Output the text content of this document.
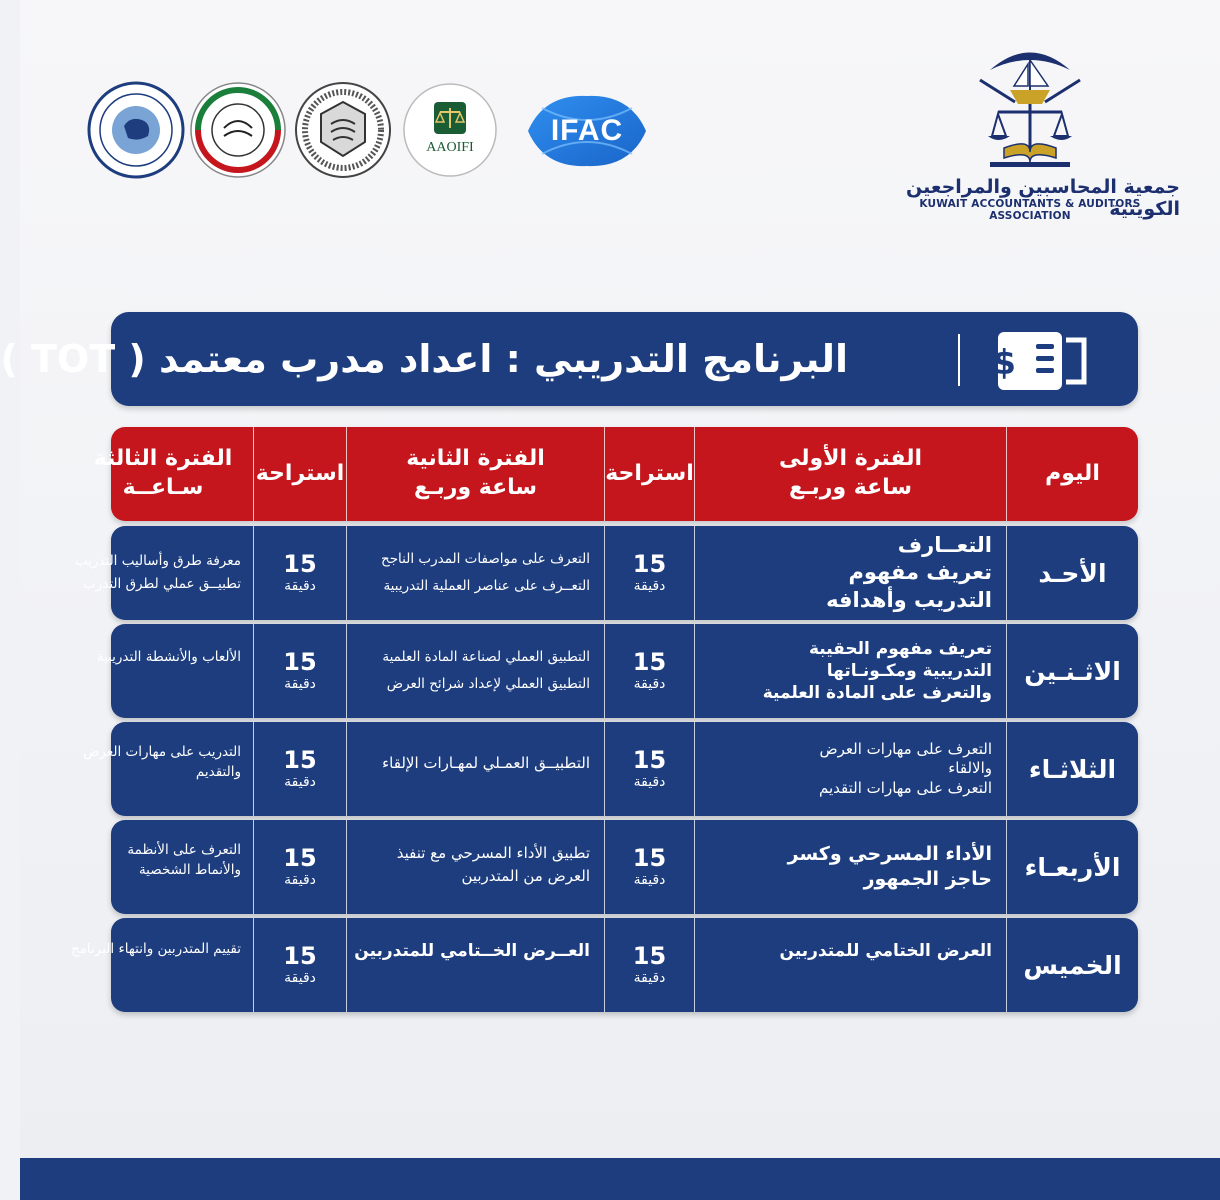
جمعية المحاسبين والمراجعين الكويتية
KUWAIT ACCOUNTANTS & AUDITORS ASSOCIATION
IFAC
AAOIFI
البرنامج التدريبي : اعداد مدرب معتمد ( TOT )	$
اليوم
الفترة الأولى
ساعة وربـع
استراحة
الفترة الثانية
ساعة وربـع
استراحة
الفترة الثالثة
سـاعــة
الأحـد
التعــارف
تعريف مفهوم
التدريب وأهدافه
15
دقيقة
التعرف على مواصفات المدرب الناجح
التعــرف على عناصر العملية التدريبية
15
دقيقة
معرفة طرق وأساليب التدريب
تطبيــق عملي لطرق التدرب
الاثـنـين
تعريف مفهوم الحقيبة
التدريبية ومكـونـاتها
والتعرف على المادة العلمية
15
دقيقة
التطبيق العملي لصناعة المادة العلمية
التطبيق العملي لإعداد شرائح العرض
15
دقيقة
الألعاب والأنشطة التدريبية
الثلاثـاء
التعرف على مهارات العرض
والالقاء
التعرف على مهارات التقديم
15
دقيقة
التطبيــق العمـلي لمهـارات الإلقاء
15
دقيقة
التدريب على مهارات العرض
والتقديم
الأربعـاء
الأداء المسرحي وكسر
حاجز الجمهور
15
دقيقة
تطبيق الأداء المسرحي مع تنفيذ
العرض من المتدربين
15
دقيقة
التعرف على الأنظمة
والأنماط الشخصية
الخميس
العرض الختامي للمتدربين
15
دقيقة
العــرض الخــتامي للمتدربين
15
دقيقة
تقييم المتدربين وانتهاء البرنامج
